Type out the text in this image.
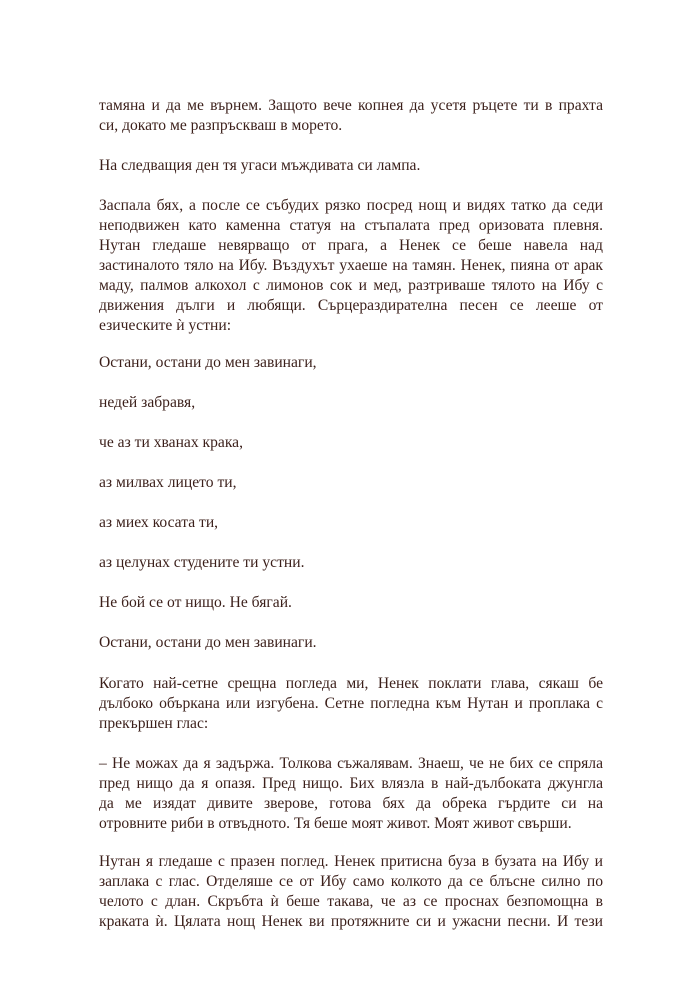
тамяна и да ме върнем. Защото вече копнея да усетя ръцете ти в прахта
си, докато ме разпръскваш в морето.
На следващия ден тя угаси мъждивата си лампа.
Заспала бях, а после се събудих рязко посред нощ и видях татко да седи
неподвижен като каменна статуя на стъпалата пред оризовата плевня.
Нутан гледаше невярващо от прага, а Ненек се беше навела над
застиналото тяло на Ибу. Въздухът ухаеше на тамян. Ненек, пияна от арак
маду, палмов алкохол с лимонов сок и мед, разтриваше тялото на Ибу с
движения дълги и любящи. Сърцераздирателна песен се лееше от
езическите ѝ устни:
Остани, остани до мен завинаги,
недей забравя,
че аз ти хванах крака,
аз милвах лицето ти,
аз миех косата ти,
аз целунах студените ти устни.
Не бой се от нищо. Не бягай.
Остани, остани до мен завинаги.
Когато най-сетне срещна погледа ми, Ненек поклати глава, сякаш бе
дълбоко объркана или изгубена. Сетне погледна към Нутан и проплака с
прекършен глас:
– Не можах да я задържа. Толкова съжалявам. Знаеш, че не бих се спряла
пред нищо да я опазя. Пред нищо. Бих влязла в най-дълбоката джунгла
да ме изядат дивите зверове, готова бях да обрека гърдите си на
отровните риби в отвъдното. Тя беше моят живот. Моят живот свърши.
Нутан я гледаше с празен поглед. Ненек притисна буза в бузата на Ибу и
заплака с глас. Отделяше се от Ибу само колкото да се блъсне силно по
челото с длан. Скръбта ѝ беше такава, че аз се проснах безпомощна в
краката ѝ. Цялата нощ Ненек ви протяжните си и ужасни песни. И тези
